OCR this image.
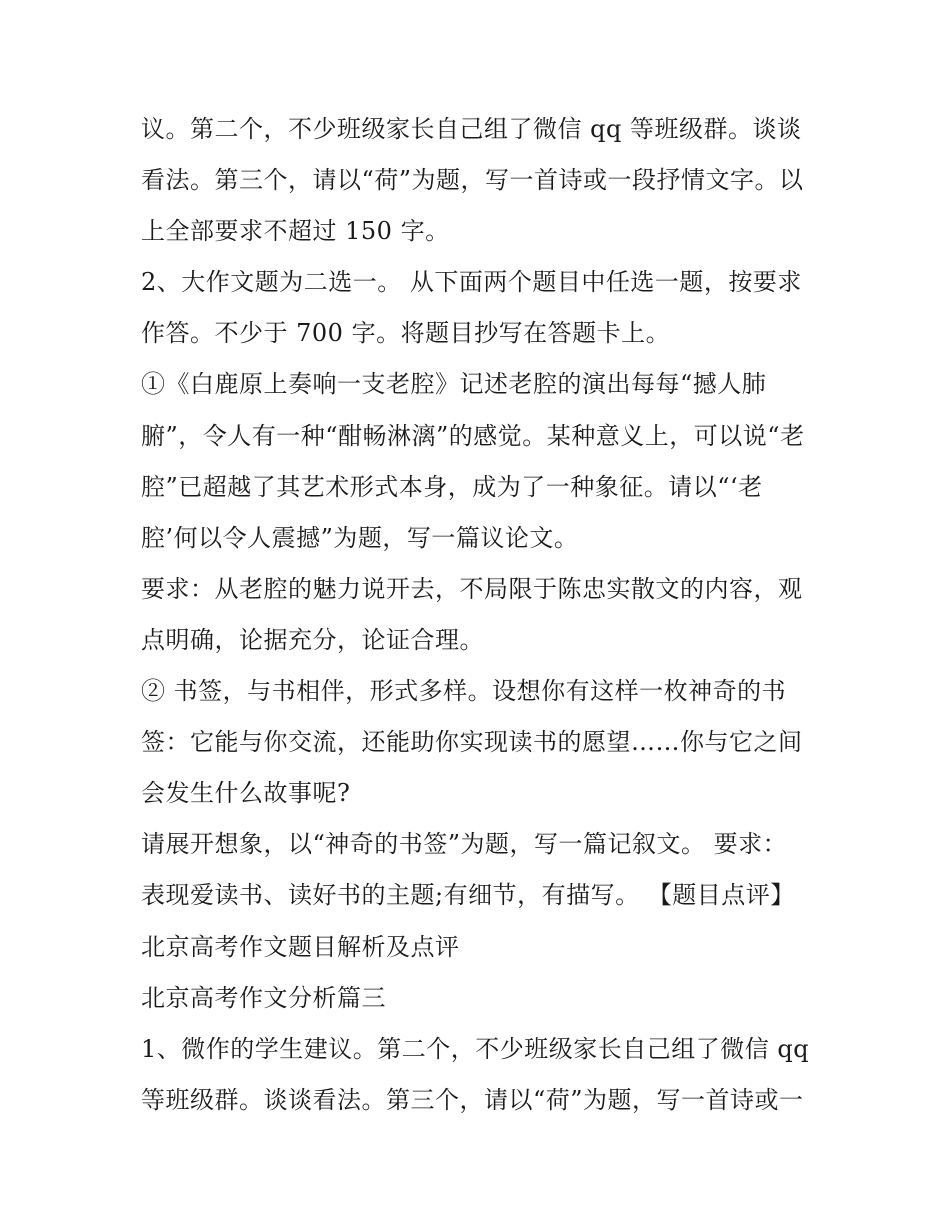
议。第二个，不少班级家长自己组了微信 qq 等班级群。谈谈
看法。第三个，请以“荷”为题，写一首诗或一段抒情文字。以
上全部要求不超过 150 字。
2、大作文题为二选一。 从下面两个题目中任选一题，按要求
作答。不少于 700 字。将题目抄写在答题卡上。
①《白鹿原上奏响一支老腔》记述老腔的演出每每“撼人肺
腑”，令人有一种“酣畅淋漓”的感觉。某种意义上，可以说“老
腔”已超越了其艺术形式本身，成为了一种象征。请以“‘老
腔’何以令人震撼”为题，写一篇议论文。
要求：从老腔的魅力说开去，不局限于陈忠实散文的内容，观
点明确，论据充分，论证合理。
② 书签，与书相伴，形式多样。设想你有这样一枚神奇的书
签：它能与你交流，还能助你实现读书的愿望……你与它之间
会发生什么故事呢?
请展开想象，以“神奇的书签”为题，写一篇记叙文。 要求：
表现爱读书、读好书的主题;有细节，有描写。 【题目点评】
北京高考作文题目解析及点评
北京高考作文分析篇三
1、微作的学生建议。第二个，不少班级家长自己组了微信 qq
等班级群。谈谈看法。第三个，请以“荷”为题，写一首诗或一
